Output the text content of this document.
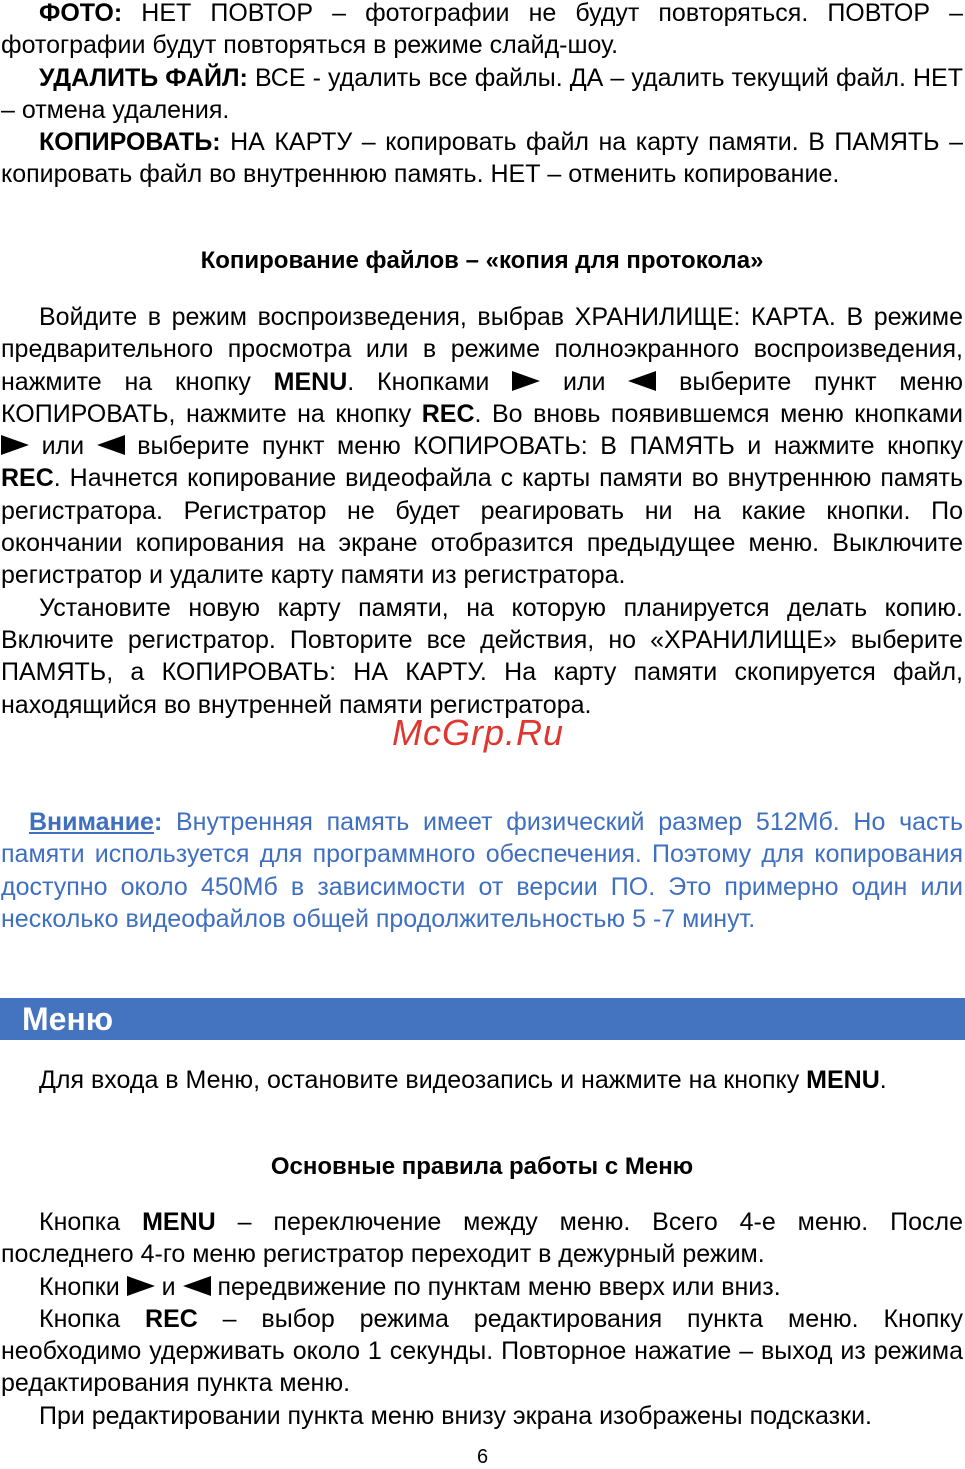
ФОТО: НЕТ ПОВТОР – фотографии не будут повторяться. ПОВТОР – фотографии будут повторяться в режиме слайд-шоу.

УДАЛИТЬ ФАЙЛ: ВСЕ - удалить все файлы. ДА – удалить текущий файл. НЕТ – отмена удаления.

КОПИРОВАТЬ: НА КАРТУ – копировать файл на карту памяти. В ПАМЯТЬ – копировать файл во внутреннюю память. НЕТ – отменить копирование.

Копирование файлов – «копия для протокола»

Войдите в режим воспроизведения, выбрав ХРАНИЛИЩЕ: КАРТА. В режиме предварительного просмотра или в режиме полноэкранного воспроизведения, нажмите на кнопку MENU. Кнопками  или  выберите пункт меню КОПИРОВАТЬ, нажмите на кнопку REC. Во вновь появившемся меню кнопками  или  выберите пункт меню КОПИРОВАТЬ: В ПАМЯТЬ и нажмите кнопку REC. Начнется копирование видеофайла с карты памяти во внутреннюю память регистратора. Регистратор не будет реагировать ни на какие кнопки. По окончании копирования на экране отобразится предыдущее меню. Выключите регистратор и удалите карту памяти из регистратора.

Установите новую карту памяти, на которую планируется делать копию. Включите регистратор. Повторите все действия, но «ХРАНИЛИЩЕ» выберите ПАМЯТЬ, а КОПИРОВАТЬ: НА КАРТУ. На карту памяти скопируется файл, находящийся во внутренней памяти регистратора.

McGrp.Ru

Внимание: Внутренняя память имеет физический размер 512Мб. Но часть памяти используется для программного обеспечения. Поэтому для копирования доступно около 450Мб в зависимости от версии ПО. Это примерно один или несколько видеофайлов общей продолжительностью 5 -7 минут.

Меню

Для входа в Меню, остановите видеозапись и нажмите на кнопку MENU.

Основные правила работы с Меню

Кнопка MENU – переключение между меню. Всего 4-е меню. После последнего 4-го меню регистратор переходит в дежурный режим.

Кнопки  и  передвижение по пунктам меню вверх или вниз.

Кнопка REC – выбор режима редактирования пункта меню. Кнопку необходимо удерживать около 1 секунды. Повторное нажатие – выход из режима редактирования пункта меню.

При редактировании пункта меню внизу экрана изображены подсказки.

6
